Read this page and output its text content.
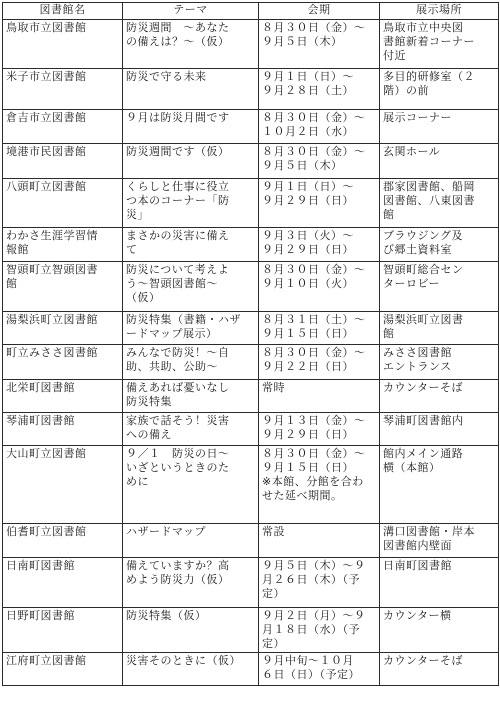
図書館名	テーマ	会期	展示場所

鳥取市立図書館	防災週間　～あなた
の備えは？～（仮）	８月３０日（金）～
９月５日（木）	鳥取市立中央図
書館新着コーナー
付近

米子市立図書館	防災で守る未来	９月１日（日）～
９月２８日（土）	多目的研修室（２
階）の前

倉吉市立図書館	９月は防災月間です	８月３０日（金）～
１０月２日（水）	展示コーナー

境港市民図書館	防災週間です（仮）	８月３０日（金）～
９月５日（木）	玄関ホール

八頭町立図書館	くらしと仕事に役立
つ本のコーナー「防
災」	９月１日（日）～
９月２９日（日）	郡家図書館、船岡
図書館、八東図書
館

わかさ生涯学習情
報館	まさかの災害に備え
て	９月３日（火）～
９月２９日（日）	ブラウジング及
び郷土資料室

智頭町立智頭図書
館	防災について考えよ
う～智頭図書館～
（仮）	８月３０日（金）～
９月１０日（火）	智頭町総合セン
ターロビー

湯梨浜町立図書館	防災特集（書籍・ハザ
ードマップ展示）	８月３１日（土）～
９月１５日（日）	湯梨浜町立図書
館

町立みささ図書館	みんなで防災！～自
助、共助、公助～	８月３０日（金）～
９月２２日（日）	みささ図書館
エントランス

北栄町図書館	備えあれば憂いなし
防災特集	常時	カウンターそば

琴浦町図書館	家族で話そう！災害
への備え	９月１３日（金）～
９月２９日（日）	琴浦町図書館内

大山町立図書館	９／１　防災の日～
いざというときのた
めに	８月３０日（金）～
９月１５日（日）
※本館、分館を合わ
せた延べ期間。	館内メイン通路
横（本館）

伯耆町立図書館	ハザードマップ	常設	溝口図書館・岸本
図書館内壁面

日南町図書館	備えていますか？高
めよう防災力（仮）	９月５日（木）～９
月２６日（木）（予
定）	日南町図書館

日野町図書館	防災特集（仮）	９月２日（月）～９
月１８日（水）（予
定）	カウンター横

江府町立図書館	災害そのときに（仮）	９月中旬～１０月
６日（日）（予定）	カウンターそば
